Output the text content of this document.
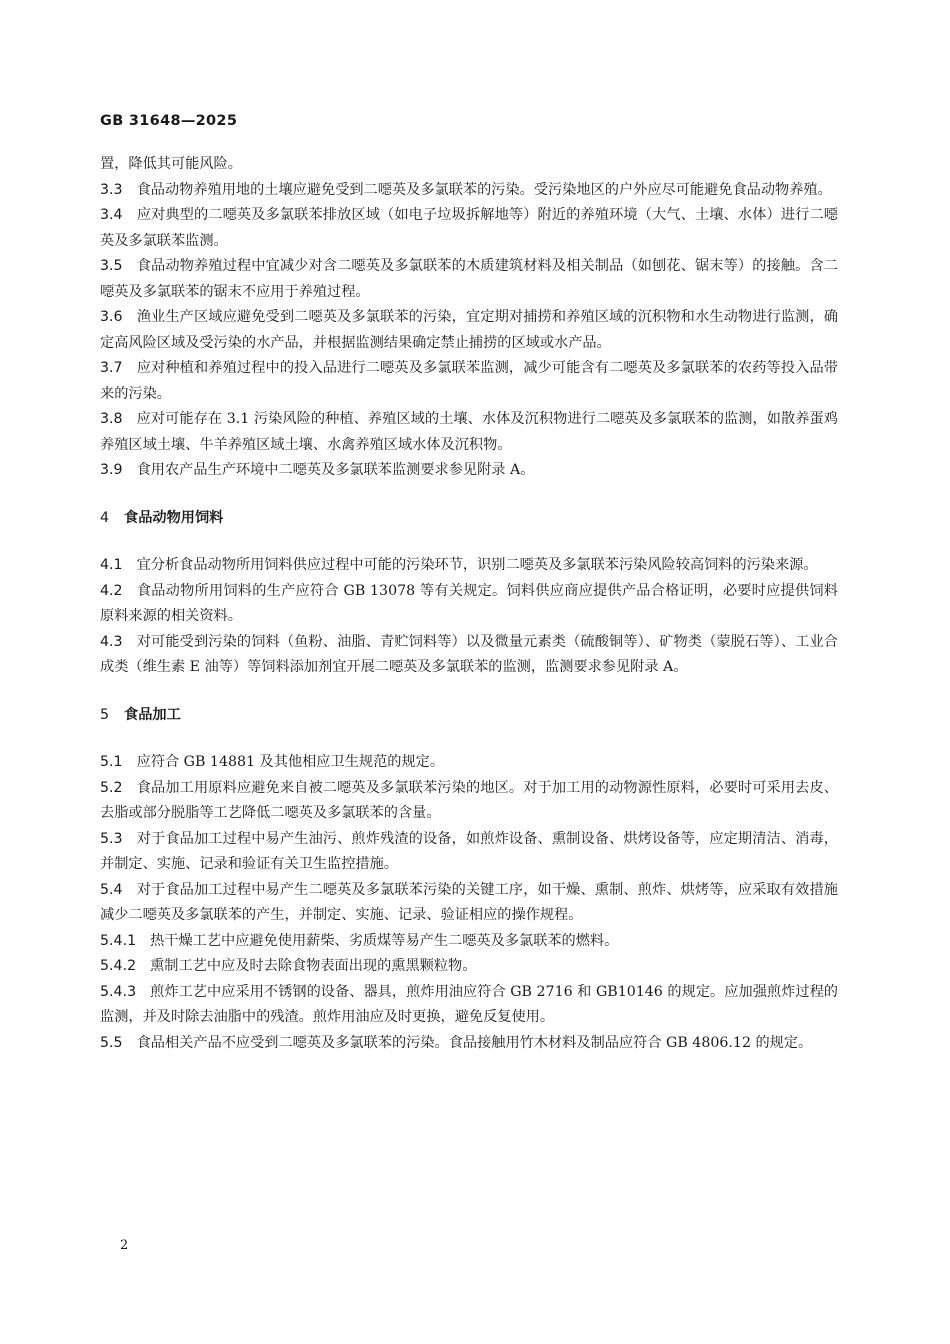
GB 31648—2025

置，降低其可能风险。

3.3 食品动物养殖用地的土壤应避免受到二噁英及多氯联苯的污染。受污染地区的户外应尽可能避免食品动物养殖。

3.4 应对典型的二噁英及多氯联苯排放区域（如电子垃圾拆解地等）附近的养殖环境（大气、土壤、水体）进行二噁英及多氯联苯监测。

3.5 食品动物养殖过程中宜减少对含二噁英及多氯联苯的木质建筑材料及相关制品（如刨花、锯末等）的接触。含二噁英及多氯联苯的锯末不应用于养殖过程。

3.6 渔业生产区域应避免受到二噁英及多氯联苯的污染，宜定期对捕捞和养殖区域的沉积物和水生动物进行监测，确定高风险区域及受污染的水产品，并根据监测结果确定禁止捕捞的区域或水产品。

3.7 应对种植和养殖过程中的投入品进行二噁英及多氯联苯监测，减少可能含有二噁英及多氯联苯的农药等投入品带来的污染。

3.8 应对可能存在 3.1 污染风险的种植、养殖区域的土壤、水体及沉积物进行二噁英及多氯联苯的监测，如散养蛋鸡养殖区域土壤、牛羊养殖区域土壤、水禽养殖区域水体及沉积物。

3.9 食用农产品生产环境中二噁英及多氯联苯监测要求参见附录 A。

4 食品动物用饲料

4.1 宜分析食品动物所用饲料供应过程中可能的污染环节，识别二噁英及多氯联苯污染风险较高饲料的污染来源。

4.2 食品动物所用饲料的生产应符合 GB 13078 等有关规定。饲料供应商应提供产品合格证明，必要时应提供饲料原料来源的相关资料。

4.3 对可能受到污染的饲料（鱼粉、油脂、青贮饲料等）以及微量元素类（硫酸铜等）、矿物类（蒙脱石等）、工业合成类（维生素 E 油等）等饲料添加剂宜开展二噁英及多氯联苯的监测，监测要求参见附录 A。

5 食品加工

5.1 应符合 GB 14881 及其他相应卫生规范的规定。

5.2 食品加工用原料应避免来自被二噁英及多氯联苯污染的地区。对于加工用的动物源性原料，必要时可采用去皮、去脂或部分脱脂等工艺降低二噁英及多氯联苯的含量。

5.3 对于食品加工过程中易产生油污、煎炸残渣的设备，如煎炸设备、熏制设备、烘烤设备等，应定期清洁、消毒，并制定、实施、记录和验证有关卫生监控措施。

5.4 对于食品加工过程中易产生二噁英及多氯联苯污染的关键工序，如干燥、熏制、煎炸、烘烤等，应采取有效措施减少二噁英及多氯联苯的产生，并制定、实施、记录、验证相应的操作规程。

5.4.1 热干燥工艺中应避免使用薪柴、劣质煤等易产生二噁英及多氯联苯的燃料。

5.4.2 熏制工艺中应及时去除食物表面出现的熏黑颗粒物。

5.4.3 煎炸工艺中应采用不锈钢的设备、器具，煎炸用油应符合 GB 2716 和 GB10146 的规定。应加强煎炸过程的监测，并及时除去油脂中的残渣。煎炸用油应及时更换，避免反复使用。

5.5 食品相关产品不应受到二噁英及多氯联苯的污染。食品接触用竹木材料及制品应符合 GB 4806.12 的规定。

2
